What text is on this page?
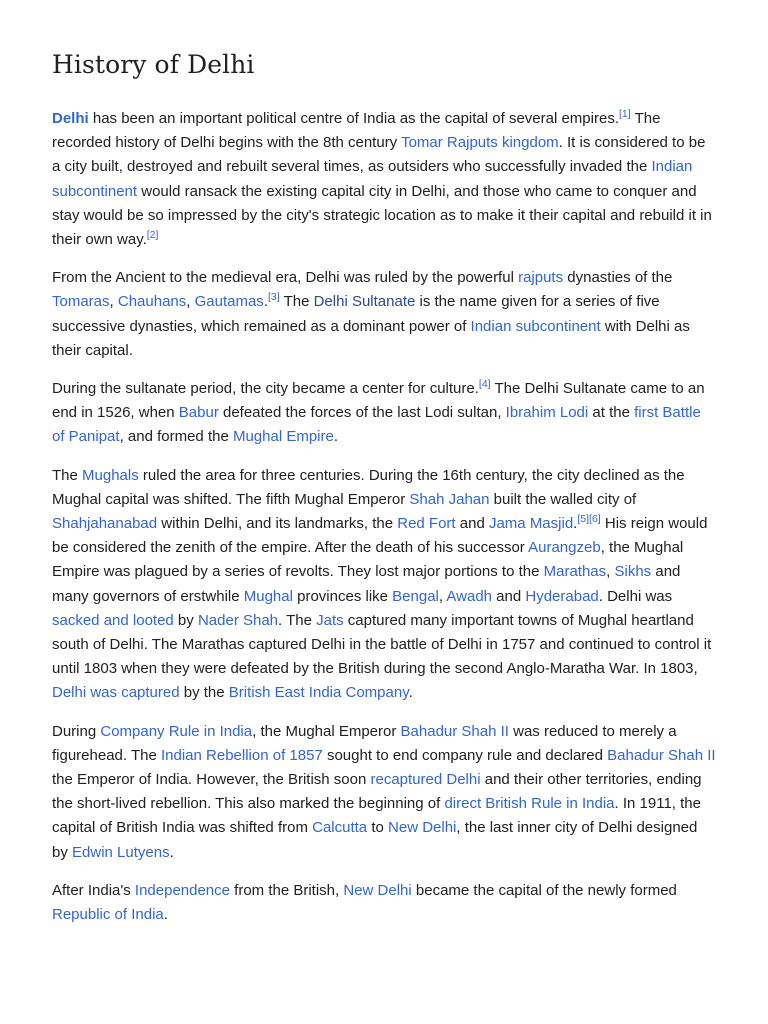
History of Delhi

Delhi has been an important political centre of India as the capital of several empires.[1] The recorded history of Delhi begins with the 8th century Tomar Rajputs kingdom. It is considered to be a city built, destroyed and rebuilt several times, as outsiders who successfully invaded the Indian subcontinent would ransack the existing capital city in Delhi, and those who came to conquer and stay would be so impressed by the city's strategic location as to make it their capital and rebuild it in their own way.[2]

From the Ancient to the medieval era, Delhi was ruled by the powerful rajputs dynasties of the Tomaras, Chauhans, Gautamas.[3] The Delhi Sultanate is the name given for a series of five successive dynasties, which remained as a dominant power of Indian subcontinent with Delhi as their capital.

During the sultanate period, the city became a center for culture.[4] The Delhi Sultanate came to an end in 1526, when Babur defeated the forces of the last Lodi sultan, Ibrahim Lodi at the first Battle of Panipat, and formed the Mughal Empire.

The Mughals ruled the area for three centuries. During the 16th century, the city declined as the Mughal capital was shifted. The fifth Mughal Emperor Shah Jahan built the walled city of Shahjahanabad within Delhi, and its landmarks, the Red Fort and Jama Masjid.[5][6] His reign would be considered the zenith of the empire. After the death of his successor Aurangzeb, the Mughal Empire was plagued by a series of revolts. They lost major portions to the Marathas, Sikhs and many governors of erstwhile Mughal provinces like Bengal, Awadh and Hyderabad. Delhi was sacked and looted by Nader Shah. The Jats captured many important towns of Mughal heartland south of Delhi. The Marathas captured Delhi in the battle of Delhi in 1757 and continued to control it until 1803 when they were defeated by the British during the second Anglo-Maratha War. In 1803, Delhi was captured by the British East India Company.

During Company Rule in India, the Mughal Emperor Bahadur Shah II was reduced to merely a figurehead. The Indian Rebellion of 1857 sought to end company rule and declared Bahadur Shah II the Emperor of India. However, the British soon recaptured Delhi and their other territories, ending the short-lived rebellion. This also marked the beginning of direct British Rule in India. In 1911, the capital of British India was shifted from Calcutta to New Delhi, the last inner city of Delhi designed by Edwin Lutyens.

After India's Independence from the British, New Delhi became the capital of the newly formed Republic of India.
